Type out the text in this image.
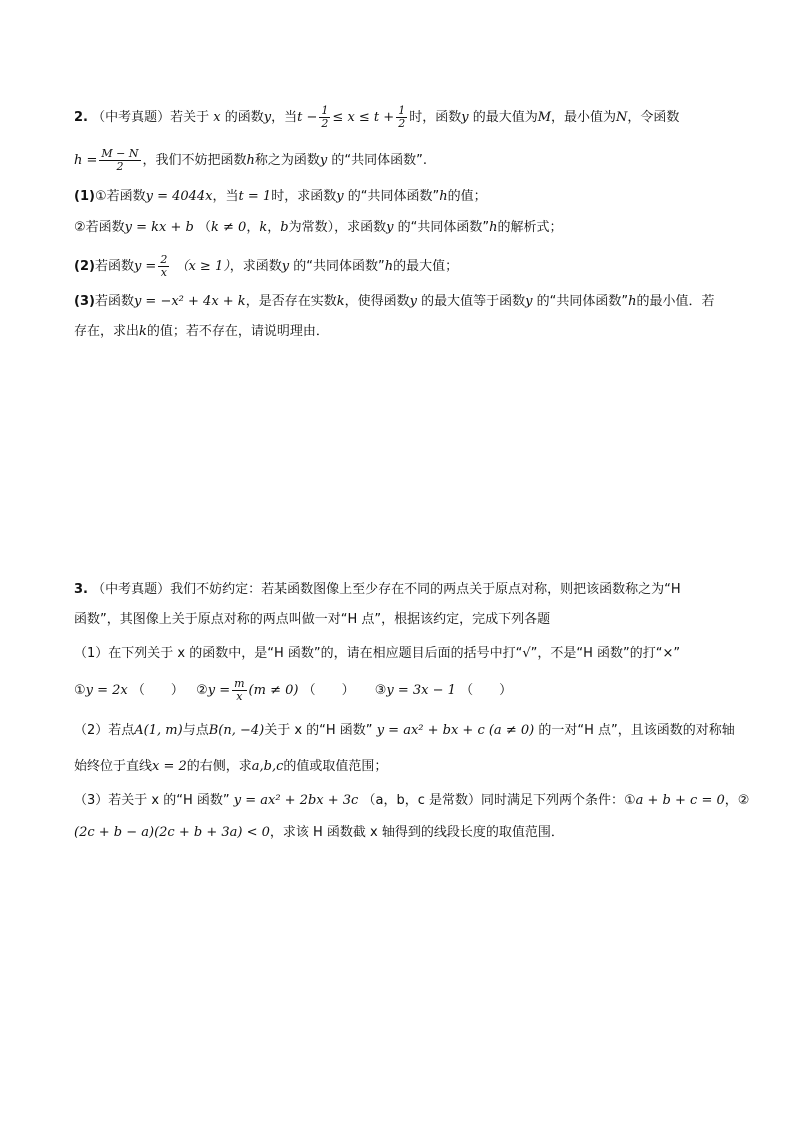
2. （中考真题）若关于 x 的函数y，当$t - \frac{1}{2} \le x \le t + \frac{1}{2}$ 时，函数y 的最大值为M，最小值为N，令函数
$h = \frac{M - N}{2}$ ，我们不妨把函数h称之为函数y 的“共同体函数”.
(1)①若函数y = 4044x，当t = 1时，求函数y 的“共同体函数”h的值；
②若函数y = kx + b （k ≠ 0，k，b为常数），求函数y 的“共同体函数”h的解析式；
(2)若函数$y = \frac{2}{x} (x \ge 1)$，求函数y 的“共同体函数”h的最大值；
(3)若函数y = −x² + 4x + k，是否存在实数k，使得函数y 的最大值等于函数y 的“共同体函数”h的最小值．若
存在，求出k的值；若不存在，请说明理由．
3. （中考真题）我们不妨约定：若某函数图像上至少存在不同的两点关于原点对称，则把该函数称之为“H
函数”，其图像上关于原点对称的两点叫做一对“H 点”，根据该约定，完成下列各题
（1）在下列关于 x 的函数中，是“H 函数”的，请在相应题目后面的括号中打“√”，不是“H 函数”的打“×”
①y = 2x （　　） ②y = $\frac{m}{x} (m \ne 0)$ （　　） ③y = 3x − 1 （　　）
（2）若点A(1, m)与点B(n, −4)关于 x 的“H 函数” y = ax² + bx + c (a ≠ 0) 的一对“H 点”，且该函数的对称轴
始终位于直线x = 2的右侧，求a,b,c的值或取值范围；
（3）若关于 x 的“H 函数” y = ax² + 2bx + 3c （a，b，c 是常数）同时满足下列两个条件：①a + b + c = 0，②
(2c + b − a)(2c + b + 3a) < 0，求该 H 函数截 x 轴得到的线段长度的取值范围．
